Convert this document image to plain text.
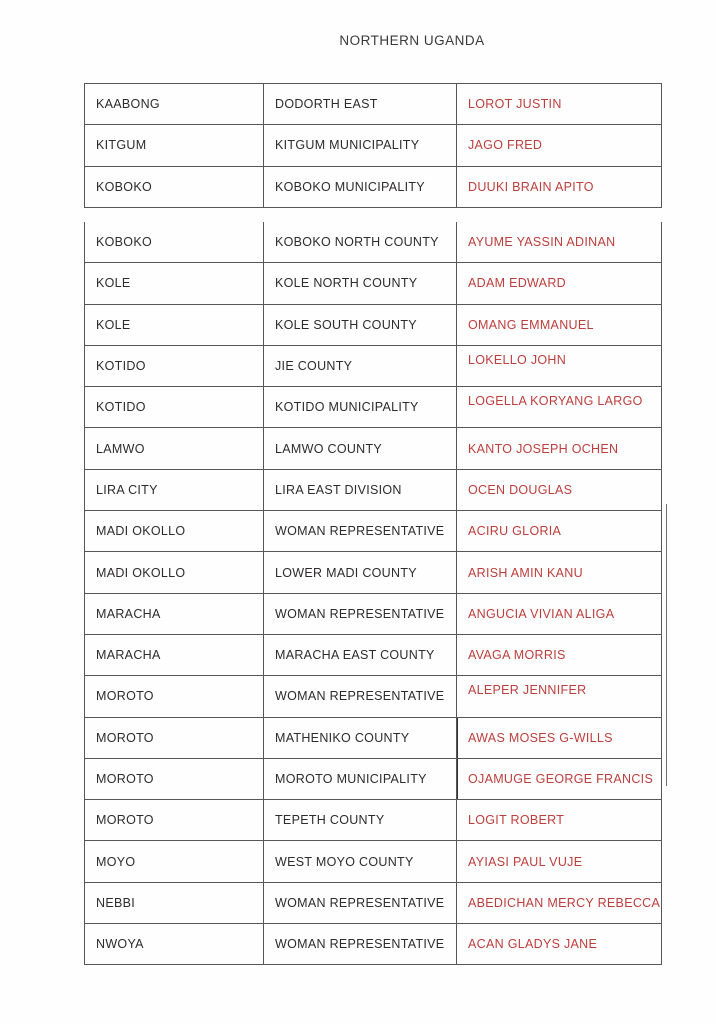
NORTHERN UGANDA
KAABONG	DODORTH EAST	LOROT JUSTIN
KITGUM	KITGUM MUNICIPALITY	JAGO FRED
KOBOKO	KOBOKO MUNICIPALITY	DUUKI BRAIN APITO
KOBOKO	KOBOKO NORTH COUNTY	AYUME YASSIN ADINAN
KOLE	KOLE NORTH COUNTY	ADAM EDWARD
KOLE	KOLE SOUTH COUNTY	OMANG EMMANUEL
KOTIDO	JIE COUNTY	LOKELLO JOHN
KOTIDO	KOTIDO MUNICIPALITY	LOGELLA KORYANG LARGO
LAMWO	LAMWO COUNTY	KANTO JOSEPH OCHEN
LIRA CITY	LIRA EAST DIVISION	OCEN DOUGLAS
MADI OKOLLO	WOMAN REPRESENTATIVE	ACIRU GLORIA
MADI OKOLLO	LOWER MADI COUNTY	ARISH AMIN KANU
MARACHA	WOMAN REPRESENTATIVE	ANGUCIA VIVIAN ALIGA
MARACHA	MARACHA EAST COUNTY	AVAGA MORRIS
MOROTO	WOMAN REPRESENTATIVE	ALEPER JENNIFER
MOROTO	MATHENIKO COUNTY	AWAS MOSES G-WILLS
MOROTO	MOROTO MUNICIPALITY	OJAMUGE GEORGE FRANCIS
MOROTO	TEPETH COUNTY	LOGIT ROBERT
MOYO	WEST MOYO COUNTY	AYIASI PAUL VUJE
NEBBI	WOMAN REPRESENTATIVE	ABEDICHAN MERCY REBECCA
NWOYA	WOMAN REPRESENTATIVE	ACAN GLADYS JANE
